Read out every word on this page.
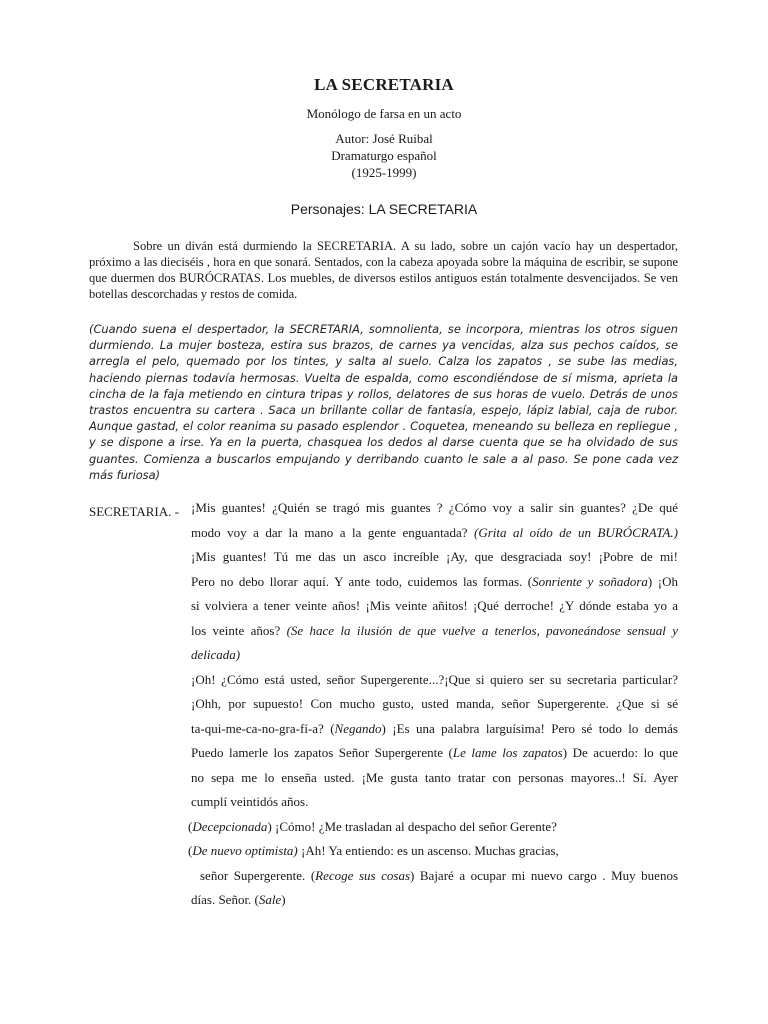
LA SECRETARIA
Monólogo de farsa en un acto
Autor: José Ruibal
Dramaturgo español
(1925-1999)
Personajes: LA SECRETARIA
Sobre un diván está durmiendo la SECRETARIA. A su lado, sobre un cajón vacío hay un despertador, próximo a las dieciséis , hora en que sonará. Sentados, con la cabeza apoyada sobre la máquina de escribir, se supone que duermen dos BURÓCRATAS. Los muebles, de diversos estilos antiguos están totalmente desvencijados. Se ven botellas descorchadas y restos de comida.
(Cuando suena el despertador, la SECRETARIA, somnolienta, se incorpora, mientras los otros siguen durmiendo. La mujer bosteza, estira sus brazos, de carnes ya vencidas, alza sus pechos caídos, se arregla el pelo, quemado por los tintes, y salta al suelo. Calza los zapatos , se sube las medias, haciendo piernas todavía hermosas. Vuelta de espalda, como escondiéndose de sí misma, aprieta la cincha de la faja metiendo en cintura tripas y rollos, delatores de sus horas de vuelo. Detrás de unos trastos encuentra su cartera . Saca un brillante collar de fantasía, espejo, lápiz labial, caja de rubor. Aunque gastad, el color reanima su pasado esplendor . Coquetea, meneando su belleza en repliegue , y se dispone a irse. Ya en la puerta, chasquea los dedos al darse cuenta que se ha olvidado de sus guantes. Comienza a buscarlos empujando y derribando cuanto le sale a al paso. Se pone cada vez más furiosa)
SECRETARIA. - ¡Mis guantes! ¿Quién se tragó mis guantes ? ¿Cómo voy a salir sin guantes? ¿De qué
modo voy a dar la mano a la gente enguantada? (Grita al oído de un BURÓCRATA.)
¡Mis guantes! Tú me das un asco increíble ¡Ay, que desgraciada soy! ¡Pobre de mi!
Pero no debo llorar aquí. Y ante todo, cuidemos las formas. (Sonriente y soñadora) ¡Oh
si volviera a tener veinte años! ¡Mis veinte añitos! ¡Qué derroche! ¿Y dónde estaba yo a
los veinte años? (Se hace la ilusión de que vuelve a tenerlos, pavoneándose sensual y
delicada)
¡Oh! ¿Cómo está usted, señor Supergerente...?¡Que si quiero ser su secretaria particular?
¡Ohh, por supuesto! Con mucho gusto, usted manda, señor Supergerente. ¿Que si sé
ta-qui-me-ca-no-gra-fí-a? (Negando) ¡Es una palabra larguísima! Pero sé todo lo demás
Puedo lamerle los zapatos Señor Supergerente (Le lame los zapatos) De acuerdo: lo que
no sepa me lo enseña usted. ¡Me gusta tanto tratar con personas mayores..! Sí. Ayer
cumplí veintidós años.
(Decepcionada) ¡Cómo! ¿Me trasladan al despacho del señor Gerente?
(De nuevo optimista) ¡Ah! Ya entiendo: es un ascenso. Muchas gracias,
señor Supergerente. (Recoge sus cosas) Bajaré a ocupar mi nuevo cargo . Muy buenos
días. Señor. (Sale)
